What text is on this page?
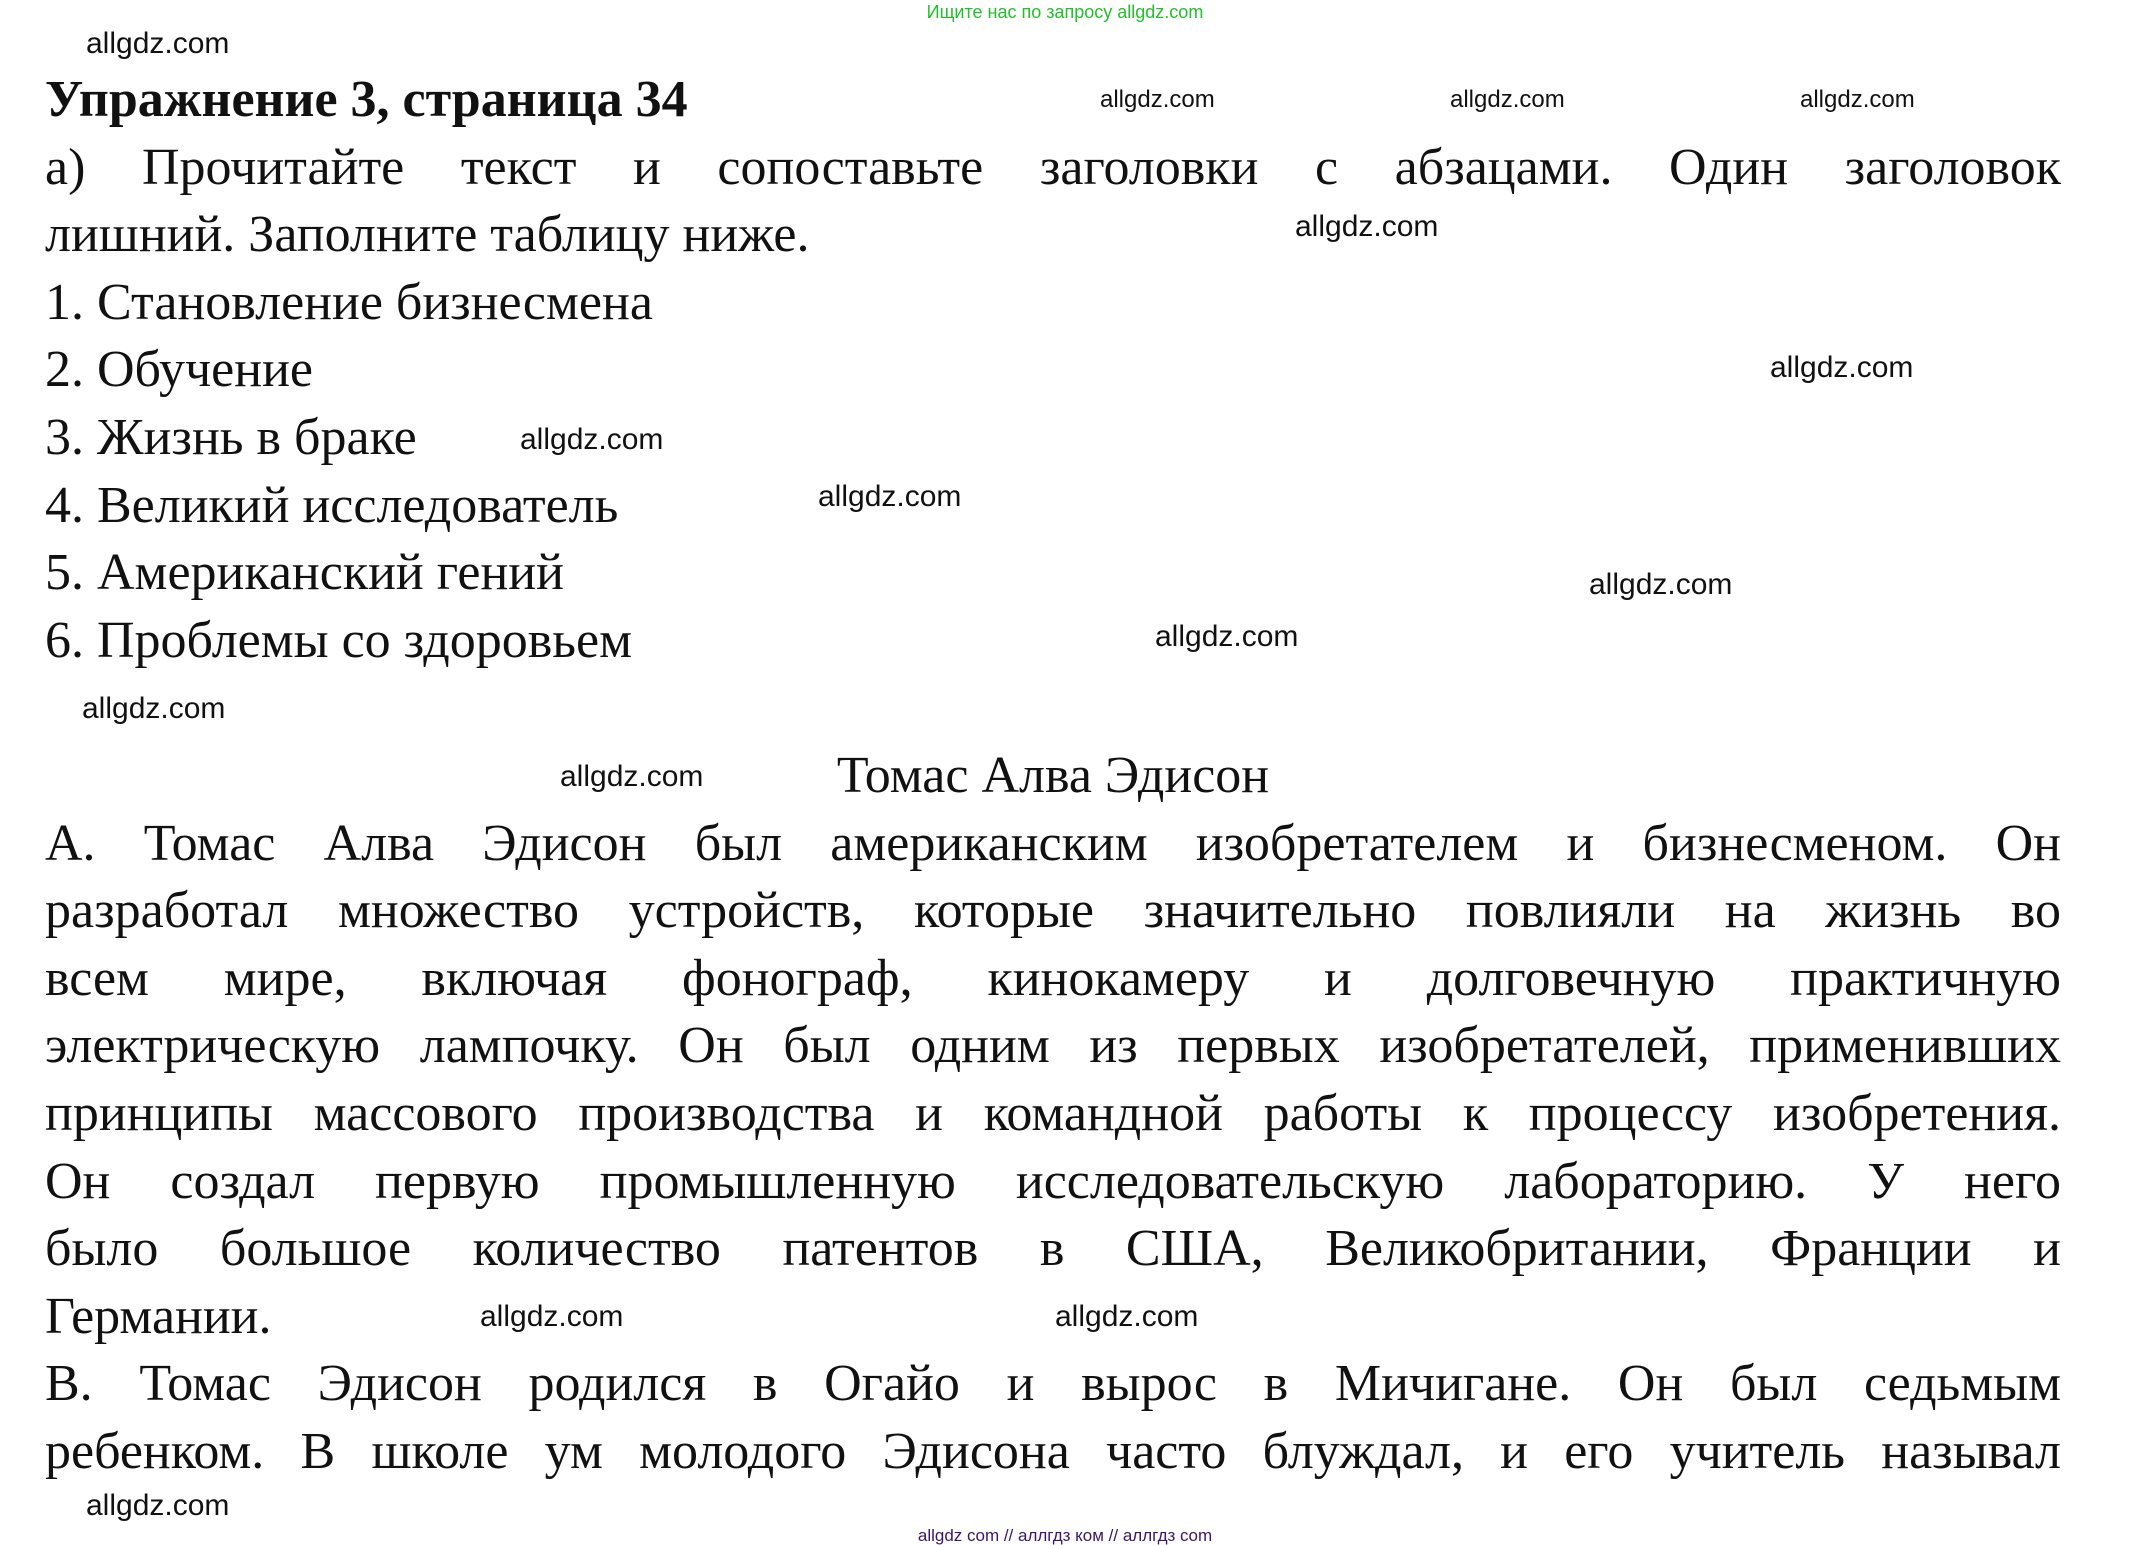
Ищите нас по запросу allgdz.com
Упражнение 3, страница 34
а) Прочитайте текст и сопоставьте заголовки с абзацами. Один заголовок
лишний. Заполните таблицу ниже.
1. Становление бизнесмена
2. Обучение
3. Жизнь в браке
4. Великий исследователь
5. Американский гений
6. Проблемы со здоровьем
Томас Алва Эдисон
А. Томас Алва Эдисон был американским изобретателем и бизнесменом. Он
разработал множество устройств, которые значительно повлияли на жизнь во
всем мире, включая фонограф, кинокамеру и долговечную практичную
электрическую лампочку. Он был одним из первых изобретателей, применивших
принципы массового производства и командной работы к процессу изобретения.
Он создал первую промышленную исследовательскую лабораторию. У него
было большое количество патентов в США, Великобритании, Франции и
Германии.
В. Томас Эдисон родился в Огайо и вырос в Мичигане. Он был седьмым
ребенком. В школе ум молодого Эдисона часто блуждал, и его учитель называл
allgdz.com
allgdz.com
allgdz.com
allgdz.com
allgdz.com
allgdz.com
allgdz.com
allgdz.com
allgdz.com
allgdz.com
allgdz.com	allgdz.com
allgdz.com	allgdz.com
allgdz.com
allgdz com // аллгдз ком // аллгдз com
